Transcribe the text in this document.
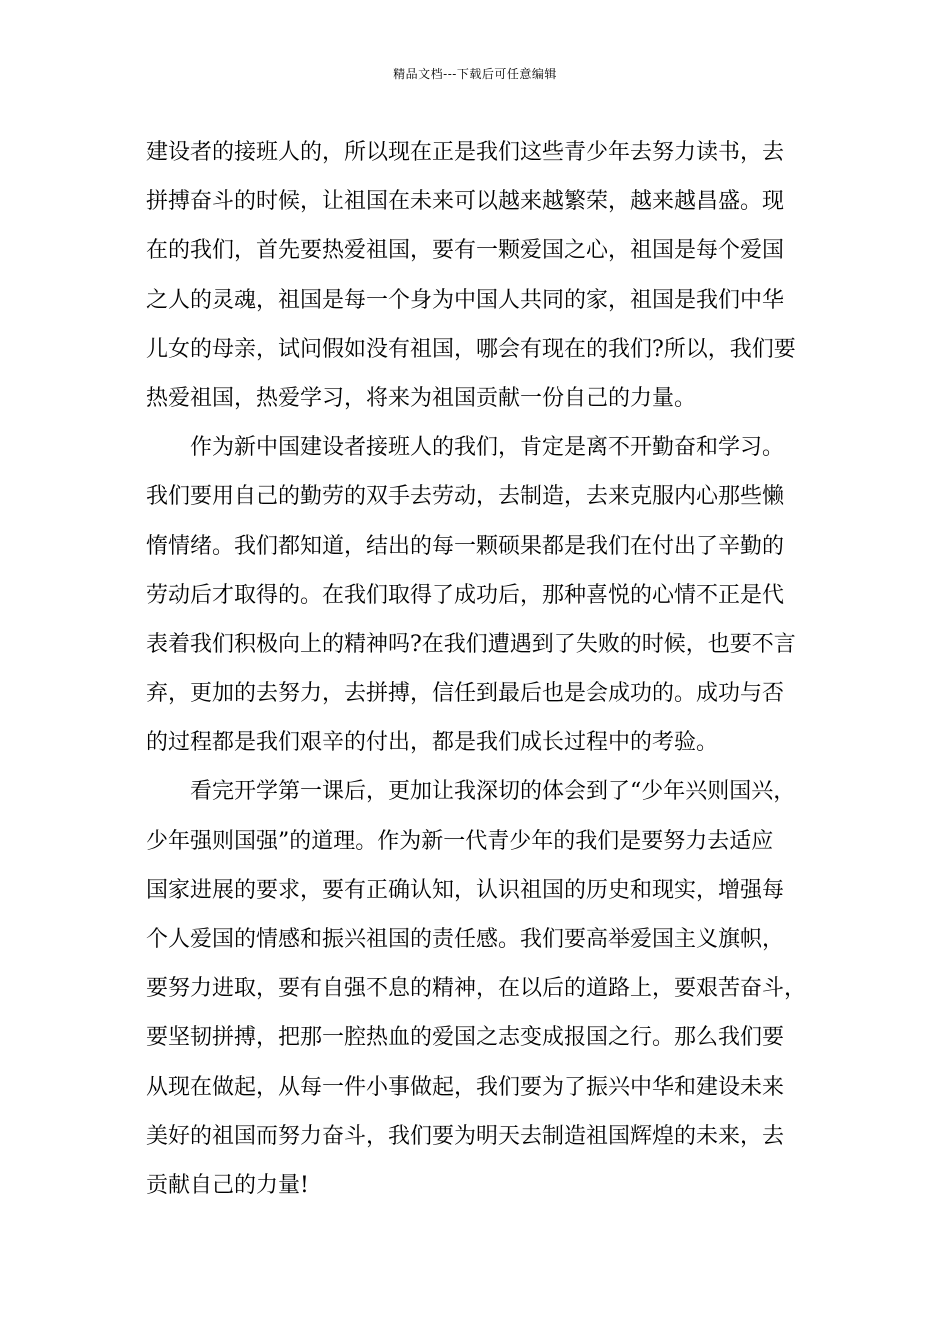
精品文档---下载后可任意编辑
建设者的接班人的，所以现在正是我们这些青少年去努力读书，去
拼搏奋斗的时候，让祖国在未来可以越来越繁荣，越来越昌盛。现
在的我们，首先要热爱祖国，要有一颗爱国之心，祖国是每个爱国
之人的灵魂，祖国是每一个身为中国人共同的家，祖国是我们中华
儿女的母亲，试问假如没有祖国，哪会有现在的我们?所以，我们要
热爱祖国，热爱学习，将来为祖国贡献一份自己的力量。
　　作为新中国建设者接班人的我们，肯定是离不开勤奋和学习。
我们要用自己的勤劳的双手去劳动，去制造，去来克服内心那些懒
惰情绪。我们都知道，结出的每一颗硕果都是我们在付出了辛勤的
劳动后才取得的。在我们取得了成功后，那种喜悦的心情不正是代
表着我们积极向上的精神吗?在我们遭遇到了失败的时候，也要不言
弃，更加的去努力，去拼搏，信任到最后也是会成功的。成功与否
的过程都是我们艰辛的付出，都是我们成长过程中的考验。
　　看完开学第一课后，更加让我深切的体会到了“少年兴则国兴，
少年强则国强”的道理。作为新一代青少年的我们是要努力去适应
国家进展的要求，要有正确认知，认识祖国的历史和现实，增强每
个人爱国的情感和振兴祖国的责任感。我们要高举爱国主义旗帜，
要努力进取，要有自强不息的精神，在以后的道路上，要艰苦奋斗，
要坚韧拼搏，把那一腔热血的爱国之志变成报国之行。那么我们要
从现在做起，从每一件小事做起，我们要为了振兴中华和建设未来
美好的祖国而努力奋斗，我们要为明天去制造祖国辉煌的未来，去
贡献自己的力量!
